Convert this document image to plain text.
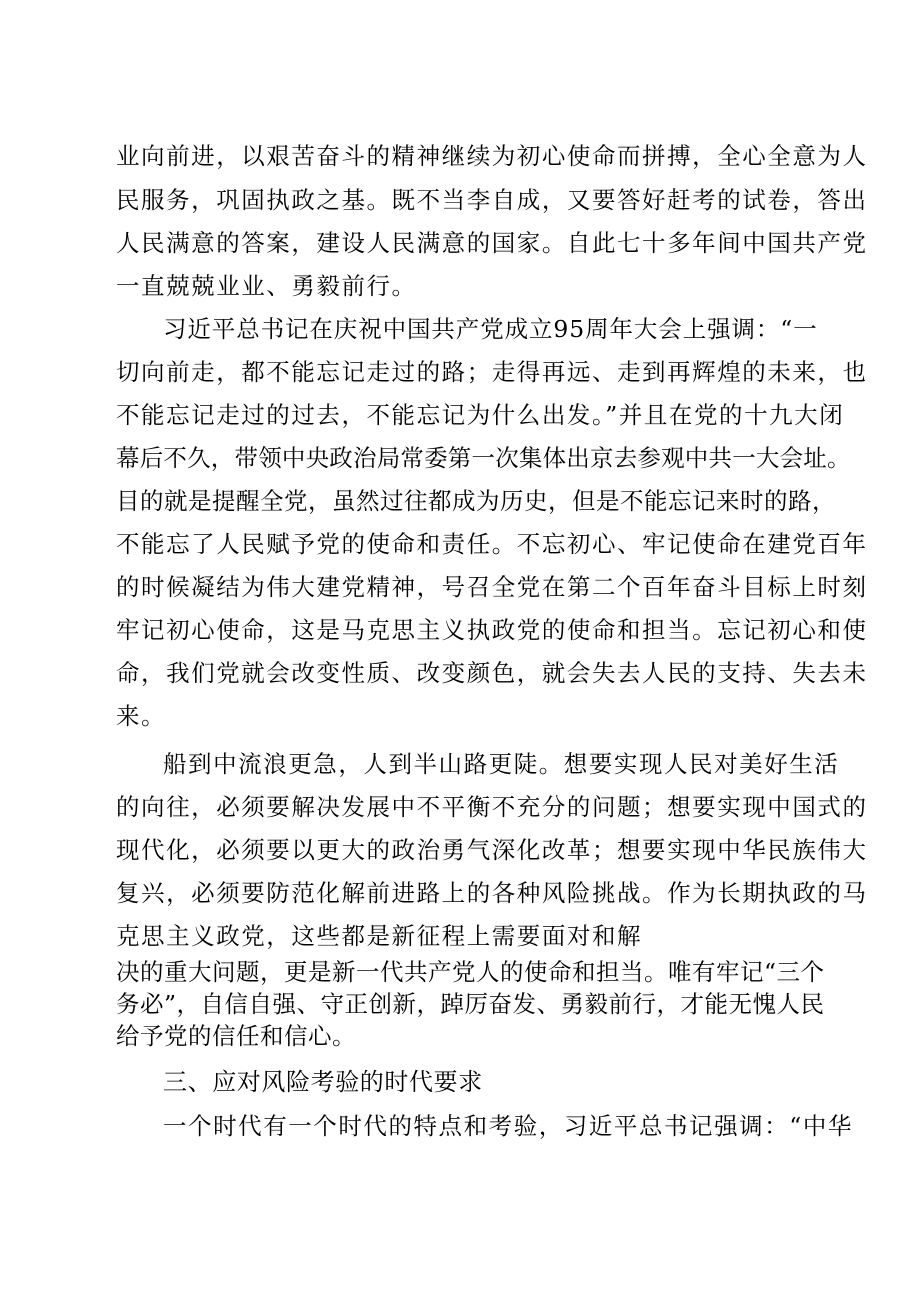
业向前进，以艰苦奋斗的精神继续为初心使命而拼搏，全心全意为人
民服务，巩固执政之基。既不当李自成，又要答好赶考的试卷，答出
人民满意的答案，建设人民满意的国家。自此七十多年间中国共产党
一直兢兢业业、勇毅前行。
习近平总书记在庆祝中国共产党成立95周年大会上强调：“一
切向前走，都不能忘记走过的路；走得再远、走到再辉煌的未来，也
不能忘记走过的过去，不能忘记为什么出发。”并且在党的十九大闭
幕后不久，带领中央政治局常委第一次集体出京去参观中共一大会址。
目的就是提醒全党，虽然过往都成为历史，但是不能忘记来时的路，
不能忘了人民赋予党的使命和责任。不忘初心、牢记使命在建党百年
的时候凝结为伟大建党精神，号召全党在第二个百年奋斗目标上时刻
牢记初心使命，这是马克思主义执政党的使命和担当。忘记初心和使
命，我们党就会改变性质、改变颜色，就会失去人民的支持、失去未
来。
船到中流浪更急，人到半山路更陡。想要实现人民对美好生活
的向往，必须要解决发展中不平衡不充分的问题；想要实现中国式的
现代化，必须要以更大的政治勇气深化改革；想要实现中华民族伟大
复兴，必须要防范化解前进路上的各种风险挑战。作为长期执政的马
克思主义政党，这些都是新征程上需要面对和解
决的重大问题，更是新一代共产党人的使命和担当。唯有牢记“三个
务必”，自信自强、守正创新，踔厉奋发、勇毅前行，才能无愧人民
给予党的信任和信心。
三、应对风险考验的时代要求
一个时代有一个时代的特点和考验，习近平总书记强调：“中华
